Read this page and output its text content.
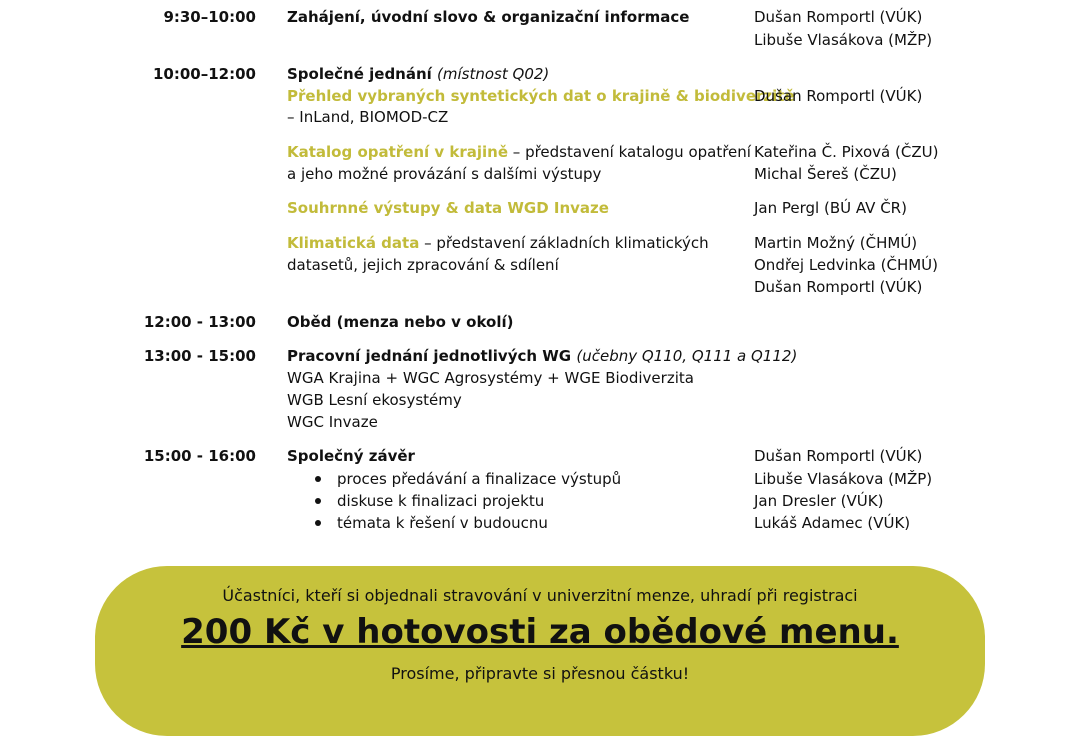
9:30–10:00 Zahájení, úvodní slovo & organizační informace	Dušan Romportl (VÚK)
Libuše Vlasákova (MŽP)
10:00–12:00 Společné jednání (místnost Q02)
Přehled vybraných syntetických dat o krajině & biodiverzitě
– InLand, BIOMOD-CZ
Dušan Romportl (VÚK)
Katalog opatření v krajině – představení katalogu opatření
a jeho možné provázání s dalšími výstupy
Kateřina Č. Pixová (ČZU)
Michal Šereš (ČZU)
Souhrnné výstupy & data WGD Invaze	Jan Pergl (BÚ AV ČR)
Klimatická data – představení základních klimatických
datasetů, jejich zpracování & sdílení
Martin Možný (ČHMÚ)
Ondřej Ledvinka (ČHMÚ)
Dušan Romportl (VÚK)
12:00 - 13:00 Oběd (menza nebo v okolí)
13:00 - 15:00 Pracovní jednání jednotlivých WG (učebny Q110, Q111 a Q112)
WGA Krajina + WGC Agrosystémy + WGE Biodiverzita
WGB Lesní ekosystémy
WGC Invaze
15:00 - 16:00 Společný závěr
proces předávání a finalizace výstupů
diskuse k finalizaci projektu
témata k řešení v budoucnu
Dušan Romportl (VÚK)
Libuše Vlasákova (MŽP)
Jan Dresler (VÚK)
Lukáš Adamec (VÚK)
Účastníci, kteří si objednali stravování v univerzitní menze, uhradí při registraci
200 Kč v hotovosti za obědové menu.
Prosíme, připravte si přesnou částku!
